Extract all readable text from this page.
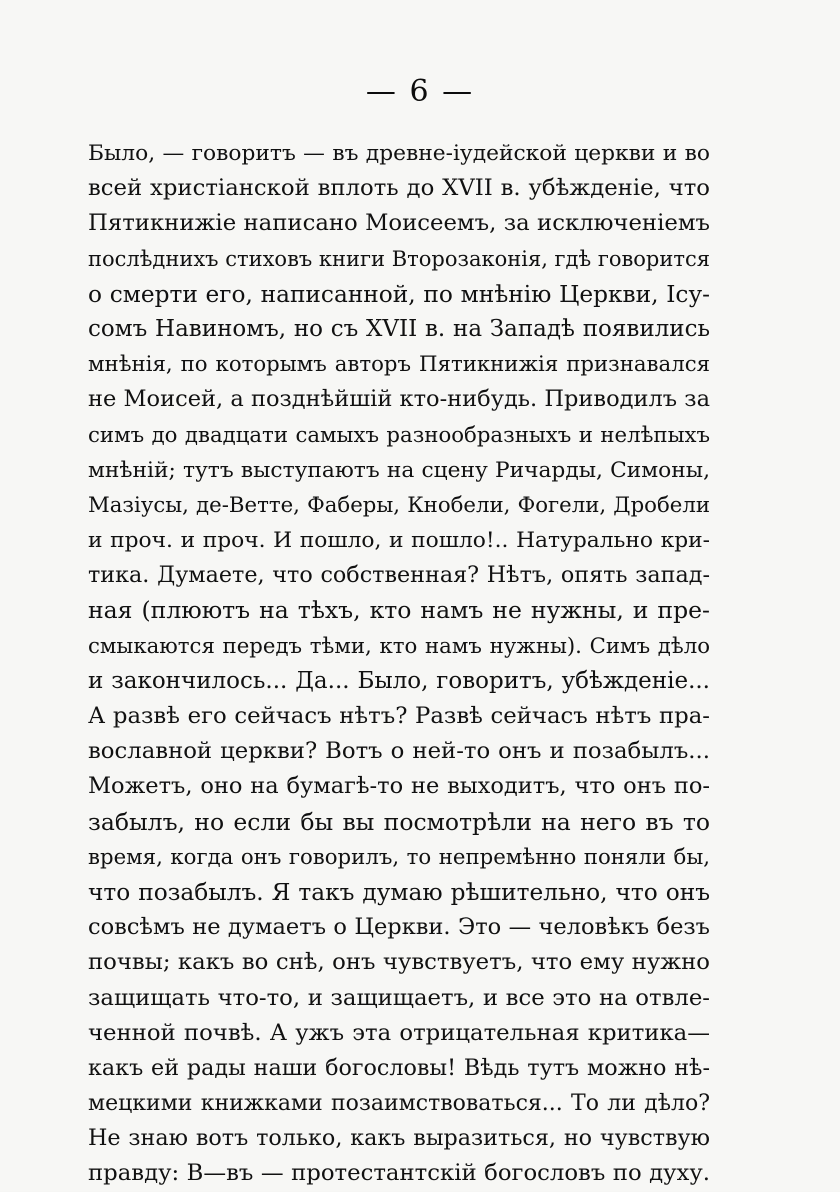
— 6 —
Было, — говоритъ — въ древне-іудейской церкви и во
всей христіанской вплоть до XVII в. убѣжденіе, что
Пятикнижіе написано Моисеемъ, за исключеніемъ
послѣднихъ стиховъ книги Второзаконія, гдѣ говорится
о смерти его, написанной, по мнѣнію Церкви, Ісу-
сомъ Навиномъ, но съ XVII в. на Западѣ появились
мнѣнія, по которымъ авторъ Пятикнижія признавался
не Моисей, а позднѣйшій кто-нибудь. Приводилъ за
симъ до двадцати самыхъ разнообразныхъ и нелѣпыхъ
мнѣній; тутъ выступаютъ на сцену Ричарды, Симоны,
Мазіусы, де-Ветте, Фаберы, Кнобели, Фогели, Дробели
и проч. и проч. И пошло, и пошло!.. Натурально кри-
тика. Думаете, что собственная? Нѣтъ, опять запад-
ная (плюютъ на тѣхъ, кто намъ не нужны, и пре-
смыкаются передъ тѣми, кто намъ нужны). Симъ дѣло
и закончилось... Да... Было, говоритъ, убѣжденіе...
А развѣ его сейчасъ нѣтъ? Развѣ сейчасъ нѣтъ пра-
вославной церкви? Вотъ о ней-то онъ и позабылъ...
Можетъ, оно на бумагѣ-то не выходитъ, что онъ по-
забылъ, но если бы вы посмотрѣли на него въ то
время, когда онъ говорилъ, то непремѣнно поняли бы,
что позабылъ. Я такъ думаю рѣшительно, что онъ
совсѣмъ не думаетъ о Церкви. Это — человѣкъ безъ
почвы; какъ во снѣ, онъ чувствуетъ, что ему нужно
защищать что-то, и защищаетъ, и все это на отвле-
ченной почвѣ. А ужъ эта отрицательная критика—
какъ ей рады наши богословы! Вѣдь тутъ можно нѣ-
мецкими книжками позаимствоваться... То ли дѣло?
Не знаю вотъ только, какъ выразиться, но чувствую
правду: В—въ — протестантскій богословъ по духу.
